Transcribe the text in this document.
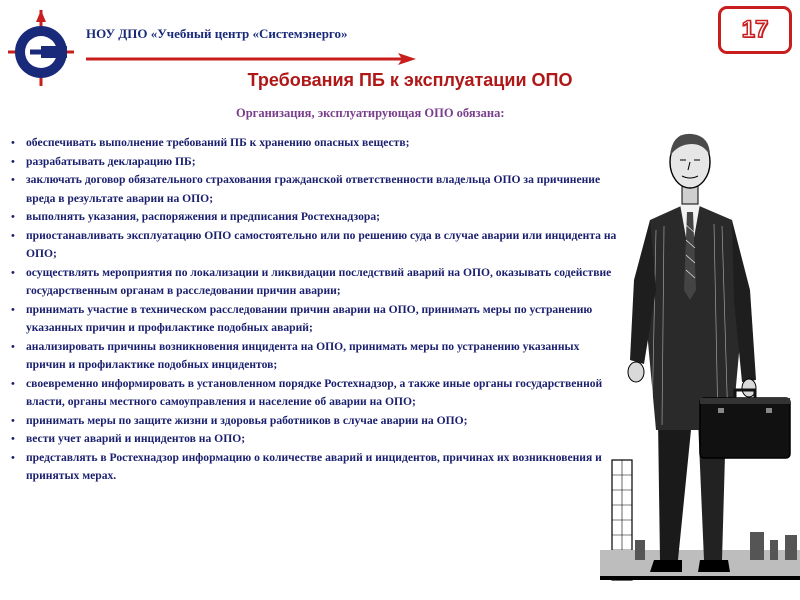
НОУ ДПО «Учебный центр «Системэнерго»	17
Требования ПБ к эксплуатации ОПО
Организация, эксплуатирующая ОПО обязана:
• обеспечивать выполнение требований ПБ к хранению опасных веществ;
• разрабатывать декларацию ПБ;
• заключать договор обязательного страхования гражданской ответственности владельца ОПО за причинение вреда в результате аварии на ОПО;
• выполнять указания, распоряжения и предписания Ростехнадзора;
• приостанавливать эксплуатацию ОПО самостоятельно или по решению суда в случае аварии или инцидента на ОПО;
• осуществлять мероприятия по локализации и ликвидации последствий аварий на ОПО, оказывать содействие государственным органам в расследовании причин аварии;
• принимать участие в техническом расследовании причин аварии на ОПО, принимать меры по устранению указанных причин и профилактике подобных аварий;
• анализировать причины возникновения инцидента на ОПО, принимать меры по устранению указанных причин и профилактике подобных инцидентов;
• своевременно информировать в установленном порядке Ростехнадзор, а также иные органы государственной власти, органы местного самоуправления и население об аварии на ОПО;
• принимать меры по защите жизни и здоровья работников в случае аварии на ОПО;
• вести учет аварий и инцидентов на ОПО;
• представлять в Ростехнадзор информацию о количестве аварий и инцидентов, причинах их возникновения и принятых мерах.
